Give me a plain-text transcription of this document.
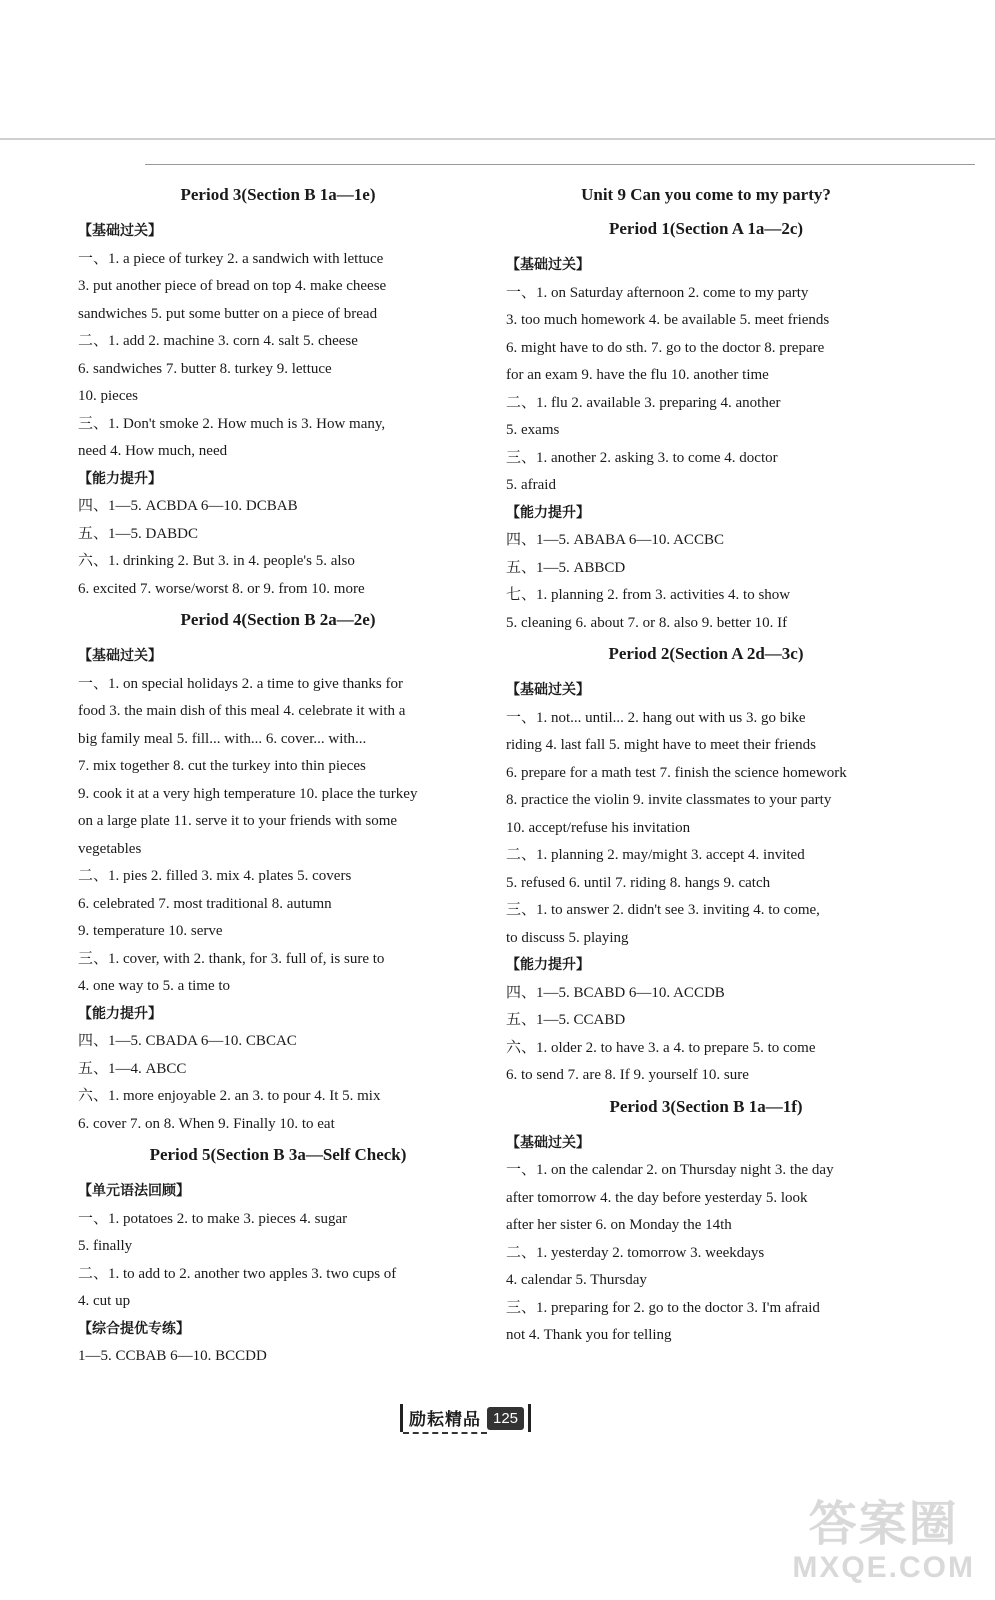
Period 3(Section B 1a—1e)
【基础过关】
一、1. a piece of turkey 2. a sandwich with lettuce
3. put another piece of bread on top 4. make cheese
sandwiches 5. put some butter on a piece of bread
二、1. add 2. machine 3. corn 4. salt 5. cheese
6. sandwiches 7. butter 8. turkey 9. lettuce
10. pieces
三、1. Don't smoke 2. How much is 3. How many,
need 4. How much, need
【能力提升】
四、1—5. ACBDA 6—10. DCBAB
五、1—5. DABDC
六、1. drinking 2. But 3. in 4. people's 5. also
6. excited 7. worse/worst 8. or 9. from 10. more
Period 4(Section B 2a—2e)
【基础过关】
一、1. on special holidays 2. a time to give thanks for
food 3. the main dish of this meal 4. celebrate it with a
big family meal 5. fill... with... 6. cover... with...
7. mix together 8. cut the turkey into thin pieces
9. cook it at a very high temperature 10. place the turkey
on a large plate 11. serve it to your friends with some
vegetables
二、1. pies 2. filled 3. mix 4. plates 5. covers
6. celebrated 7. most traditional 8. autumn
9. temperature 10. serve
三、1. cover, with 2. thank, for 3. full of, is sure to
4. one way to 5. a time to
【能力提升】
四、1—5. CBADA 6—10. CBCAC
五、1—4. ABCC
六、1. more enjoyable 2. an 3. to pour 4. It 5. mix
6. cover 7. on 8. When 9. Finally 10. to eat
Period 5(Section B 3a—Self Check)
【单元语法回顾】
一、1. potatoes 2. to make 3. pieces 4. sugar
5. finally
二、1. to add to 2. another two apples 3. two cups of
4. cut up
【综合提优专练】
1—5. CCBAB 6—10. BCCDD
Unit 9 Can you come to my party?
Period 1(Section A 1a—2c)
【基础过关】
一、1. on Saturday afternoon 2. come to my party
3. too much homework 4. be available 5. meet friends
6. might have to do sth. 7. go to the doctor 8. prepare
for an exam 9. have the flu 10. another time
二、1. flu 2. available 3. preparing 4. another
5. exams
三、1. another 2. asking 3. to come 4. doctor
5. afraid
【能力提升】
四、1—5. ABABA 6—10. ACCBC
五、1—5. ABBCD
七、1. planning 2. from 3. activities 4. to show
5. cleaning 6. about 7. or 8. also 9. better 10. If
Period 2(Section A 2d—3c)
【基础过关】
一、1. not... until... 2. hang out with us 3. go bike
riding 4. last fall 5. might have to meet their friends
6. prepare for a math test 7. finish the science homework
8. practice the violin 9. invite classmates to your party
10. accept/refuse his invitation
二、1. planning 2. may/might 3. accept 4. invited
5. refused 6. until 7. riding 8. hangs 9. catch
三、1. to answer 2. didn't see 3. inviting 4. to come,
to discuss 5. playing
【能力提升】
四、1—5. BCABD 6—10. ACCDB
五、1—5. CCABD
六、1. older 2. to have 3. a 4. to prepare 5. to come
6. to send 7. are 8. If 9. yourself 10. sure
Period 3(Section B 1a—1f)
【基础过关】
一、1. on the calendar 2. on Thursday night 3. the day
after tomorrow 4. the day before yesterday 5. look
after her sister 6. on Monday the 14th
二、1. yesterday 2. tomorrow 3. weekdays
4. calendar 5. Thursday
三、1. preparing for 2. go to the doctor 3. I'm afraid
not 4. Thank you for telling
励耘精品 125
答案圈
MXQE.COM
